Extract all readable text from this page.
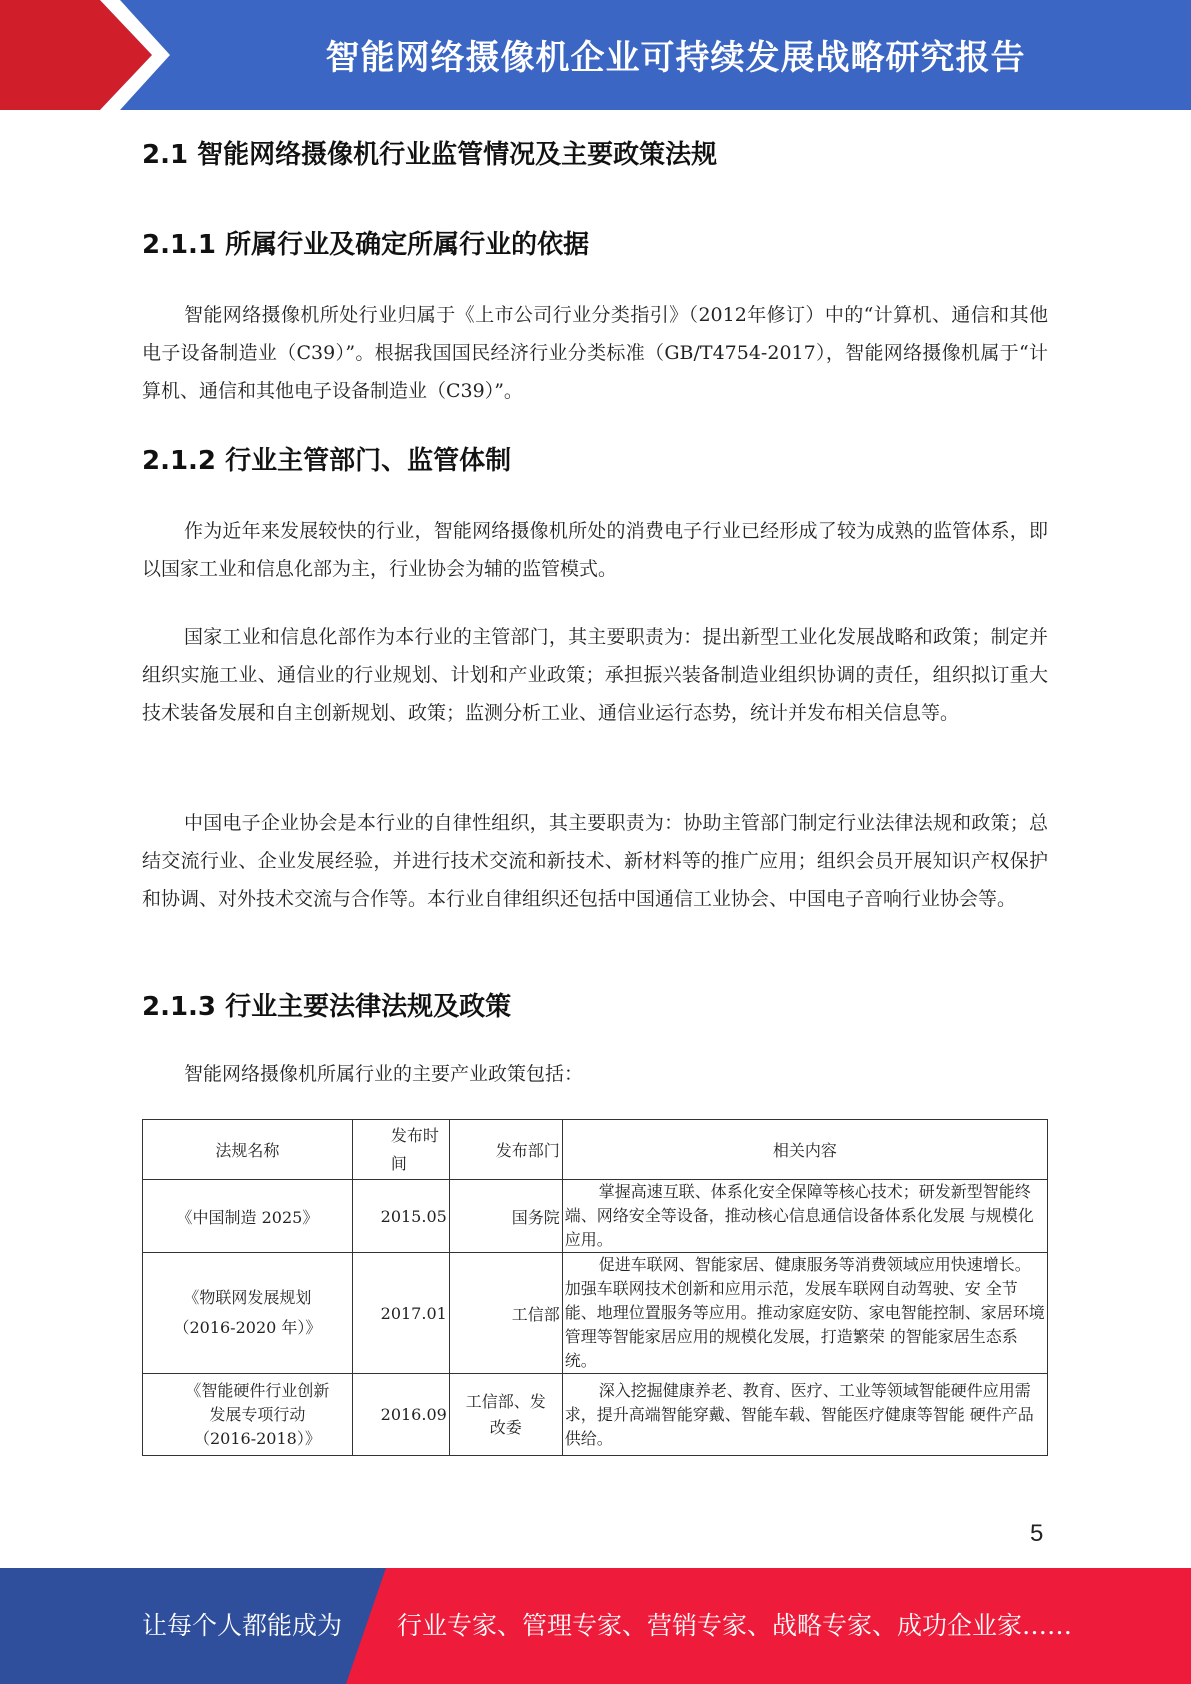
智能网络摄像机企业可持续发展战略研究报告
2.1 智能网络摄像机行业监管情况及主要政策法规
2.1.1 所属行业及确定所属行业的依据

智能网络摄像机所处行业归属于《上市公司行业分类指引》（2012年修订）中的“计算机、通信和其他电子设备制造业（C39）”。根据我国国民经济行业分类标准（GB/T4754-2017），智能网络摄像机属于“计算机、通信和其他电子设备制造业（C39）”。

2.1.2 行业主管部门、监管体制

作为近年来发展较快的行业，智能网络摄像机所处的消费电子行业已经形成了较为成熟的监管体系，即以国家工业和信息化部为主，行业协会为辅的监管模式。

国家工业和信息化部作为本行业的主管部门，其主要职责为：提出新型工业化发展战略和政策；制定并组织实施工业、通信业的行业规划、计划和产业政策；承担振兴装备制造业组织协调的责任，组织拟订重大技术装备发展和自主创新规划、政策；监测分析工业、通信业运行态势，统计并发布相关信息等。

中国电子企业协会是本行业的自律性组织，其主要职责为：协助主管部门制定行业法律法规和政策；总结交流行业、企业发展经验，并进行技术交流和新技术、新材料等的推广应用；组织会员开展知识产权保护和协调、对外技术交流与合作等。本行业自律组织还包括中国通信工业协会、中国电子音响行业协会等。

2.1.3 行业主要法律法规及政策

智能网络摄像机所属行业的主要产业政策包括：

法规名称	发布时间	发布部门	相关内容
《中国制造 2025》	2015.05	国务院	掌握高速互联、体系化安全保障等核心技术；研发新型智能终端、网络安全等设备，推动核心信息通信设备体系化发展 与规模化应用。

《物联网发展规划（2016-2020 年）》	2017.01	工信部	促进车联网、智能家居、健康服务等消费领域应用快速增长。 加强车联网技术创新和应用示范，发展车联网自动驾驶、安 全节能、地理位置服务等应用。推动家庭安防、家电智能控制、家居环境管理等智能家居应用的规模化发展，打造繁荣 的智能家居生态系统。

《智能硬件行业创新发展专项行动（2016-2018）》	2016.09	工信部、发 改委	深入挖掘健康养老、教育、医疗、工业等领域智能硬件应用需求，提升高端智能穿戴、智能车载、智能医疗健康等智能 硬件产品供给。
5
让每个人都能成为 行业专家、管理专家、营销专家、战略专家、成功企业家……
